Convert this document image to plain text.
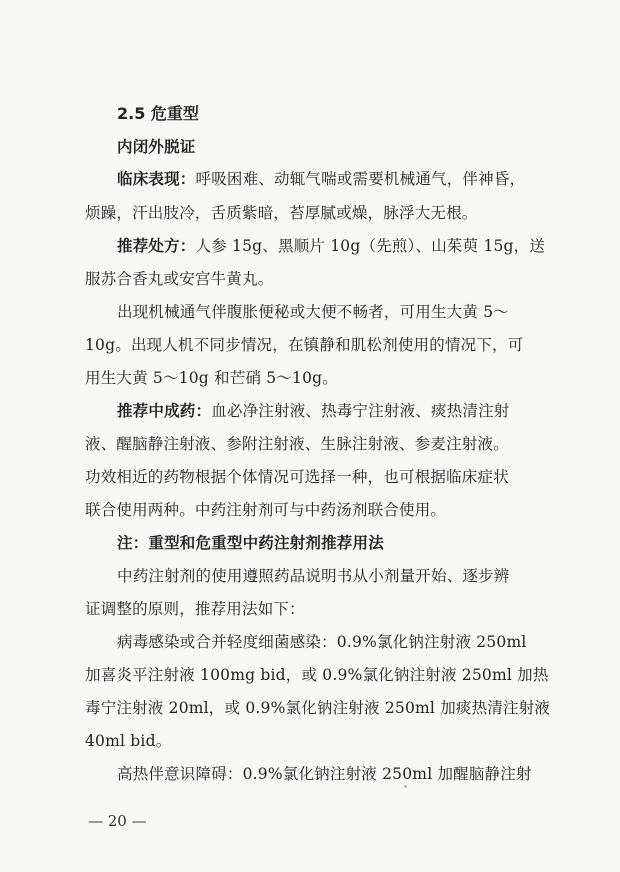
2.5 危重型
内闭外脱证
临床表现：呼吸困难、动辄气喘或需要机械通气，伴神昏，
烦躁，汗出肢冷，舌质紫暗，苔厚腻或燥，脉浮大无根。
推荐处方：人参 15g、黑顺片 10g（先煎）、山茱萸 15g，送
服苏合香丸或安宫牛黄丸。
出现机械通气伴腹胀便秘或大便不畅者，可用生大黄 5～
10g。出现人机不同步情况，在镇静和肌松剂使用的情况下，可
用生大黄 5～10g 和芒硝 5～10g。
推荐中成药：血必净注射液、热毒宁注射液、痰热清注射
液、醒脑静注射液、参附注射液、生脉注射液、参麦注射液。
功效相近的药物根据个体情况可选择一种，也可根据临床症状
联合使用两种。中药注射剂可与中药汤剂联合使用。
注：重型和危重型中药注射剂推荐用法
中药注射剂的使用遵照药品说明书从小剂量开始、逐步辨
证调整的原则，推荐用法如下：
病毒感染或合并轻度细菌感染：0.9%氯化钠注射液 250ml
加喜炎平注射液 100mg bid，或 0.9%氯化钠注射液 250ml 加热
毒宁注射液 20ml，或 0.9%氯化钠注射液 250ml 加痰热清注射液
40ml bid。
高热伴意识障碍：0.9%氯化钠注射液 250ml 加醒脑静注射
— 20 —
